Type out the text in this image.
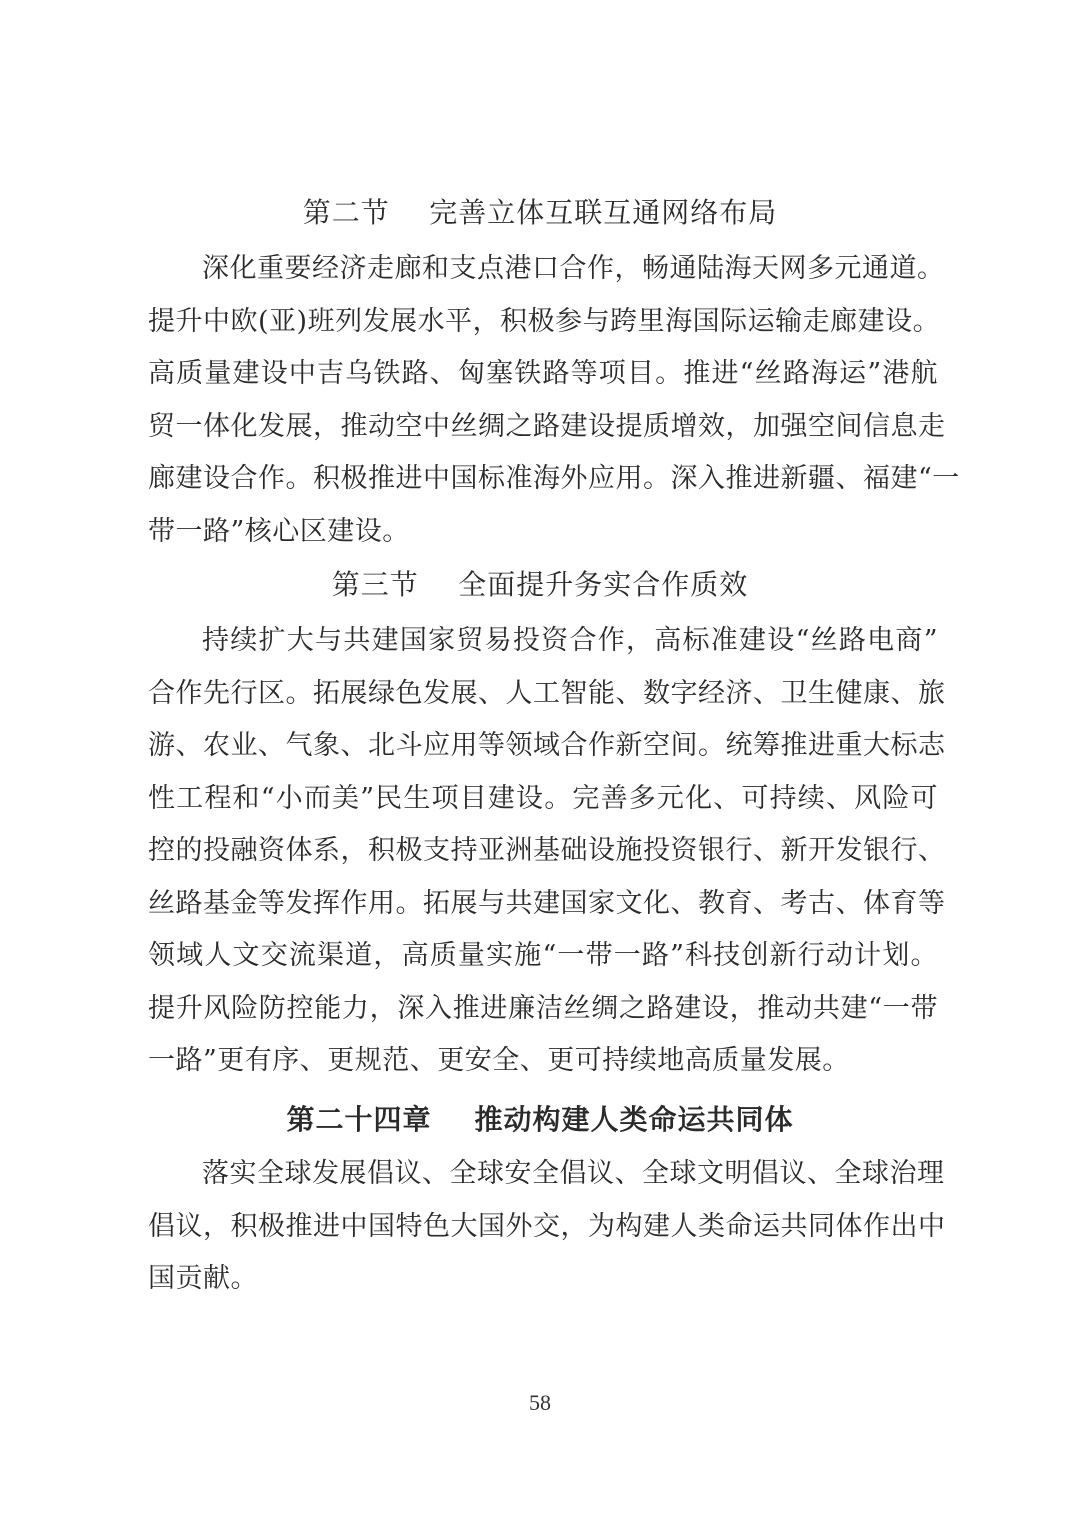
第二节    完善立体互联互通网络布局
深化重要经济走廊和支点港口合作，畅通陆海天网多元通道。
提升中欧(亚)班列发展水平，积极参与跨里海国际运输走廊建设。
高质量建设中吉乌铁路、匈塞铁路等项目。推进“丝路海运”港航
贸一体化发展，推动空中丝绸之路建设提质增效，加强空间信息走
廊建设合作。积极推进中国标准海外应用。深入推进新疆、福建“一
带一路”核心区建设。
第三节    全面提升务实合作质效
持续扩大与共建国家贸易投资合作，高标准建设“丝路电商”
合作先行区。拓展绿色发展、人工智能、数字经济、卫生健康、旅
游、农业、气象、北斗应用等领域合作新空间。统筹推进重大标志
性工程和“小而美”民生项目建设。完善多元化、可持续、风险可
控的投融资体系，积极支持亚洲基础设施投资银行、新开发银行、
丝路基金等发挥作用。拓展与共建国家文化、教育、考古、体育等
领域人文交流渠道，高质量实施“一带一路”科技创新行动计划。
提升风险防控能力，深入推进廉洁丝绸之路建设，推动共建“一带
一路”更有序、更规范、更安全、更可持续地高质量发展。
第二十四章    推动构建人类命运共同体
落实全球发展倡议、全球安全倡议、全球文明倡议、全球治理
倡议，积极推进中国特色大国外交，为构建人类命运共同体作出中
国贡献。
58
